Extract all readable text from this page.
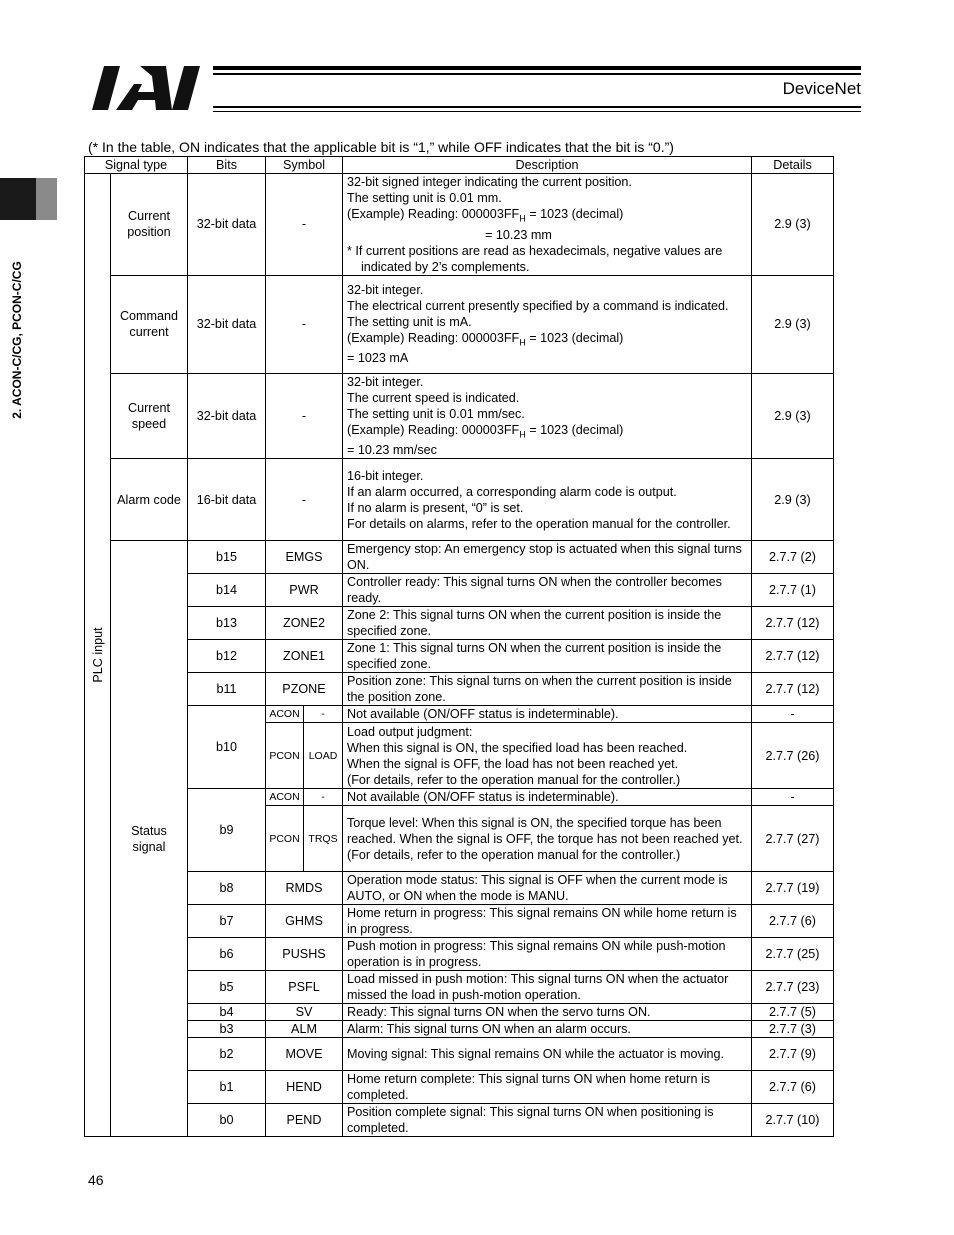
DeviceNet
2. ACON-C/CG, PCON-C/CG
(* In the table, ON indicates that the applicable bit is “1,” while OFF indicates that the bit is “0.”)
Signal type		Bits	Symbol		Description	Details

PLC input	Current position	32-bit data	-		32-bit signed integer indicating the current position.
The setting unit is 0.01 mm.
(Example) Reading: $000003FF_H = 1023$ (decimal)
= 10.23 mm

* If current positions are read as hexadecimals, negative values are indicated by 2’s complements.	2.9 (3)
	Command current	32-bit data	-		32-bit integer.
The electrical current presently specified by a command is indicated.
The setting unit is mA.
(Example) Reading: $000003FF_H = 1023$ (decimal)
= 1023 mA	2.9 (3)
	Current speed	32-bit data	-		32-bit integer.
The current speed is indicated.
The setting unit is 0.01 mm/sec.
(Example) Reading: $000003FF_H = 1023$ (decimal)
= 10.23 mm/sec	2.9 (3)
	Alarm code	16-bit data	-		16-bit integer.
If an alarm occurred, a corresponding alarm code is output.
If no alarm is present, “0” is set.
For details on alarms, refer to the operation manual for the controller.	2.9 (3)
	Status signal	b15	EMGS		Emergency stop: An emergency stop is actuated when this signal turns ON.	2.7.7 (2)
		b14	PWR		Controller ready: This signal turns ON when the controller becomes ready.	2.7.7 (1)
		b13	ZONE2		Zone 2: This signal turns ON when the current position is inside the specified zone.	2.7.7 (12)
		b12	ZONE1		Zone 1: This signal turns ON when the current position is inside the specified zone.	2.7.7 (12)
		b11	PZONE		Position zone: This signal turns on when the current position is inside the position zone.	2.7.7 (12)
		b10	ACON	-	Not available (ON/OFF status is indeterminable).	-
			PCON	LOAD	Load output judgment:
When this signal is ON, the specified load has been reached.
When the signal is OFF, the load has not been reached yet.
(For details, refer to the operation manual for the controller.)	2.7.7 (26)
		b9	ACON	-	Not available (ON/OFF status is indeterminable).	-
			PCON	TRQS	Torque level: When this signal is ON, the specified torque has been reached. When the signal is OFF, the torque has not been reached yet.
(For details, refer to the operation manual for the controller.)	2.7.7 (27)
		b8	RMDS		Operation mode status: This signal is OFF when the current mode is AUTO, or ON when the mode is MANU.	2.7.7 (19)
		b7	GHMS		Home return in progress: This signal remains ON while home return is in progress.	2.7.7 (6)
		b6	PUSHS		Push motion in progress: This signal remains ON while push-motion operation is in progress.	2.7.7 (25)
		b5	PSFL		Load missed in push motion: This signal turns ON when the actuator missed the load in push-motion operation.	2.7.7 (23)
		b4	SV		Ready: This signal turns ON when the servo turns ON.	2.7.7 (5)
		b3	ALM		Alarm: This signal turns ON when an alarm occurs.	2.7.7 (3)
		b2	MOVE		Moving signal: This signal remains ON while the actuator is moving.	2.7.7 (9)
		b1	HEND		Home return complete: This signal turns ON when home return is completed.	2.7.7 (6)
		b0	PEND		Position complete signal: This signal turns ON when positioning is completed.	2.7.7 (10)
46
